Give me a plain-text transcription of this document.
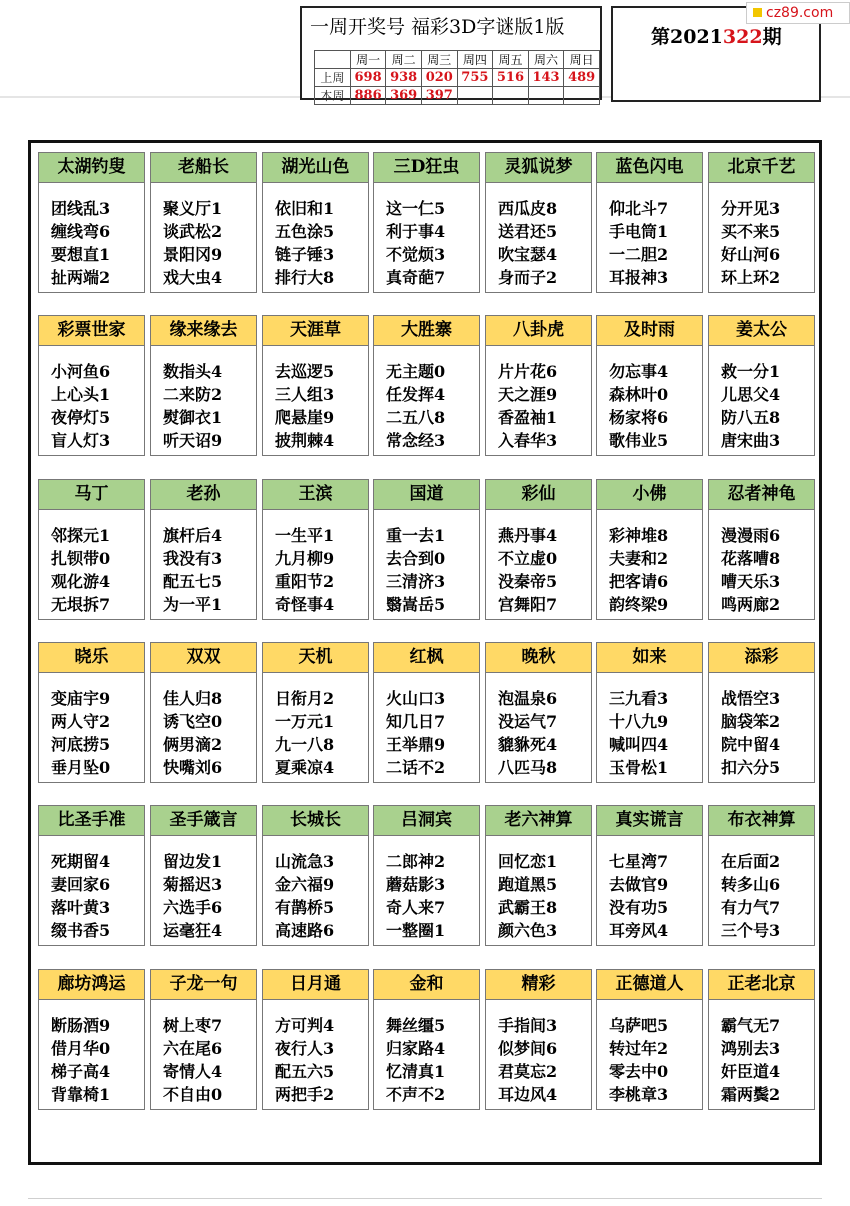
一周开奖号 福彩3D字谜版1版
	周一	周二	周三	周四	周五	周六	周日
上周	698	938	020	755	516	143	489
本周	886	369	397				
第2021322期
cz89.com
太湖钓叟
团线乱3
缠线弯6
要想直1
扯两端2
老船长
聚义厅1
谈武松2
景阳冈9
戏大虫4
湖光山色
依旧和1
五色涂5
链子锤3
排行大8
三D狂虫
这一仁5
利于事4
不觉烦3
真奇葩7
灵狐说梦
西瓜皮8
送君还5
吹宝瑟4
身而子2
蓝色闪电
仰北斗7
手电筒1
一二胆2
耳报神3
北京千艺
分开见3
买不来5
好山河6
环上环2
彩票世家
小河鱼6
上心头1
夜停灯5
盲人灯3
缘来缘去
数指头4
二来防2
熨御衣1
听天诏9
天涯草
去巡逻5
三人组3
爬悬崖9
披荆棘4
大胜寨
无主题0
任发挥4
二五八8
常念经3
八卦虎
片片花6
天之涯9
香盈袖1
入春华3
及时雨
勿忘事4
森林叶0
杨家将6
歌伟业5
姜太公
救一分1
儿思父4
防八五8
唐宋曲3
马丁
邻探元1
扎钡带0
观化游4
无垠拆7
老孙
旗杆后4
我没有3
配五七5
为一平1
王滨
一生平1
九月柳9
重阳节2
奇怪事4
国道
重一去1
去合到0
三清济3
翳嵩岳5
彩仙
燕丹事4
不立虚0
没秦帝5
宫舞阳7
小佛
彩神堆8
夫妻和2
把客请6
韵终梁9
忍者神龟
漫漫雨6
花落嘈8
嘈天乐3
鸣两廊2
晓乐
变庙宇9
两人守2
河底捞5
垂月坠0
双双
佳人归8
诱飞空0
俩男滴2
快嘴刘6
天机
日衔月2
一万元1
九一八8
夏乘凉4
红枫
火山口3
知几日7
王举鼎9
二话不2
晚秋
泡温泉6
没运气7
貔貅死4
八匹马8
如来
三九看3
十八九9
喊叫四4
玉骨松1
添彩
战悟空3
脑袋笨2
院中留4
扣六分5
比圣手准
死期留4
妻回家6
落叶黄3
缀书香5
圣手箴言
留边发1
菊摇迟3
六选手6
运毫狂4
长城长
山流急3
金六福9
有鹊桥5
高速路6
吕洞宾
二郎神2
蘑菇影3
奇人来7
一整圈1
老六神算
回忆恋1
跑道黑5
武霸王8
颜六色3
真实谎言
七星湾7
去做官9
没有功5
耳旁风4
布衣神算
在后面2
转多山6
有力气7
三个号3
廊坊鸿运
断肠酒9
借月华0
梯子高4
背靠椅1
子龙一句
树上枣7
六在尾6
寄情人4
不自由0
日月通
方可判4
夜行人3
配五六5
两把手2
金和
舞丝缰5
归家路4
忆清真1
不声不2
精彩
手指间3
似梦间6
君莫忘2
耳边风4
正德道人
乌萨吧5
转过年2
零去中0
李桃章3
正老北京
霸气无7
鸿别去3
奸臣道4
霜两鬓2
